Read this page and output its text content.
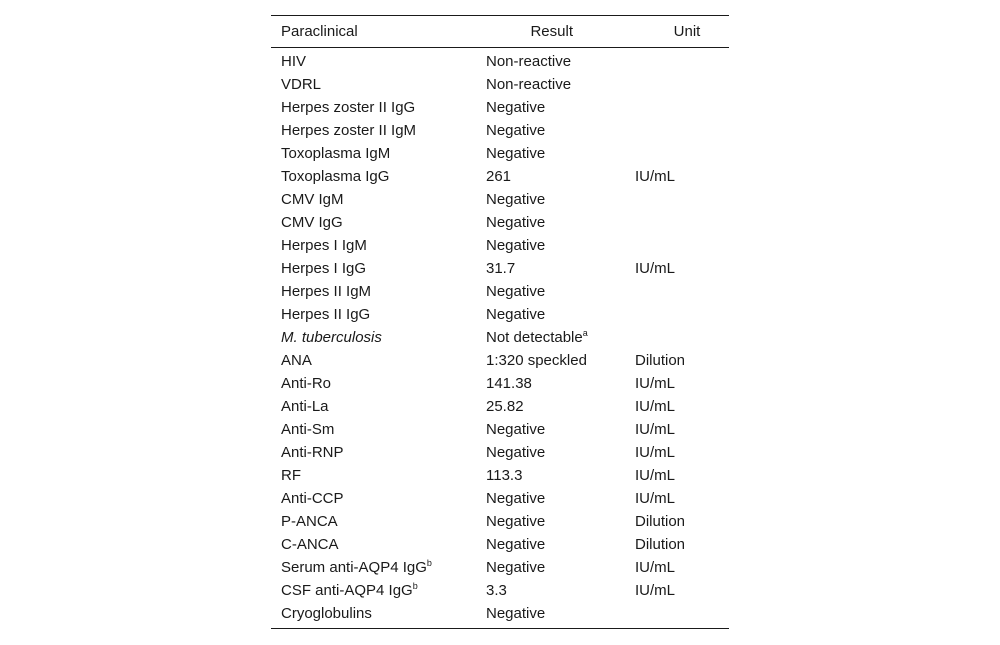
Paraclinical	Result	Unit

HIV	Non-reactive	
VDRL	Non-reactive	
Herpes zoster II IgG	Negative	
Herpes zoster II IgM	Negative	
Toxoplasma IgM	Negative	
Toxoplasma IgG	261	IU/mL
CMV IgM	Negative	
CMV IgG	Negative	
Herpes I IgM	Negative	
Herpes I IgG	31.7	IU/mL
Herpes II IgM	Negative	
Herpes II IgG	Negative	
M. tuberculosis	Not detectable$^a$	
ANA	1:320 speckled	Dilution
Anti-Ro	141.38	IU/mL
Anti-La	25.82	IU/mL
Anti-Sm	Negative	IU/mL
Anti-RNP	Negative	IU/mL
RF	113.3	IU/mL
Anti-CCP	Negative	IU/mL
P-ANCA	Negative	Dilution
C-ANCA	Negative	Dilution
Serum anti-AQP4 IgG$^b$	Negative	IU/mL
CSF anti-AQP4 IgG$^b$	3.3	IU/mL
Cryoglobulins	Negative	
